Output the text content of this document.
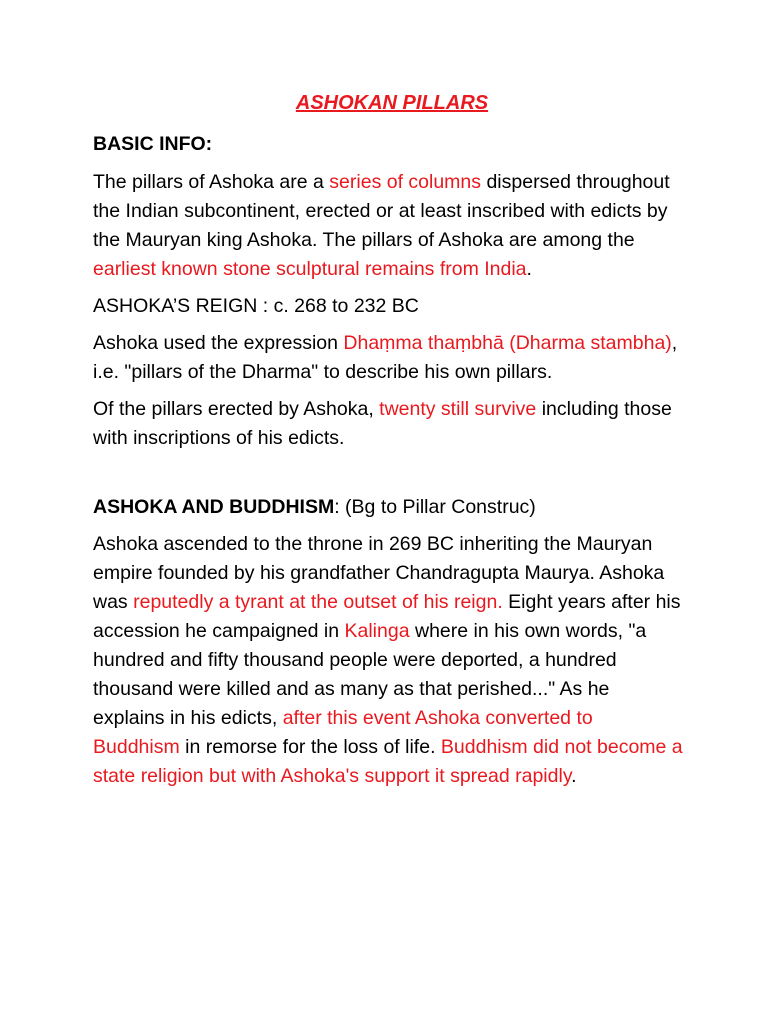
ASHOKAN PILLARS
BASIC INFO:

The pillars of Ashoka are a series of columns dispersed throughout the Indian subcontinent, erected or at least inscribed with edicts by the Mauryan king Ashoka. The pillars of Ashoka are among the earliest known stone sculptural remains from India.

ASHOKA’S REIGN : c. 268 to 232 BC

Ashoka used the expression Dhaṃma thaṃbhā (Dharma stambha), i.e. "pillars of the Dharma" to describe his own pillars.

Of the pillars erected by Ashoka, twenty still survive including those with inscriptions of his edicts.

ASHOKA AND BUDDHISM: (Bg to Pillar Construc)

Ashoka ascended to the throne in 269 BC inheriting the Mauryan empire founded by his grandfather Chandragupta Maurya. Ashoka was reputedly a tyrant at the outset of his reign. Eight years after his accession he campaigned in Kalinga where in his own words, "a hundred and fifty thousand people were deported, a hundred thousand were killed and as many as that perished..." As he explains in his edicts, after this event Ashoka converted to Buddhism in remorse for the loss of life. Buddhism did not become a state religion but with Ashoka's support it spread rapidly.
